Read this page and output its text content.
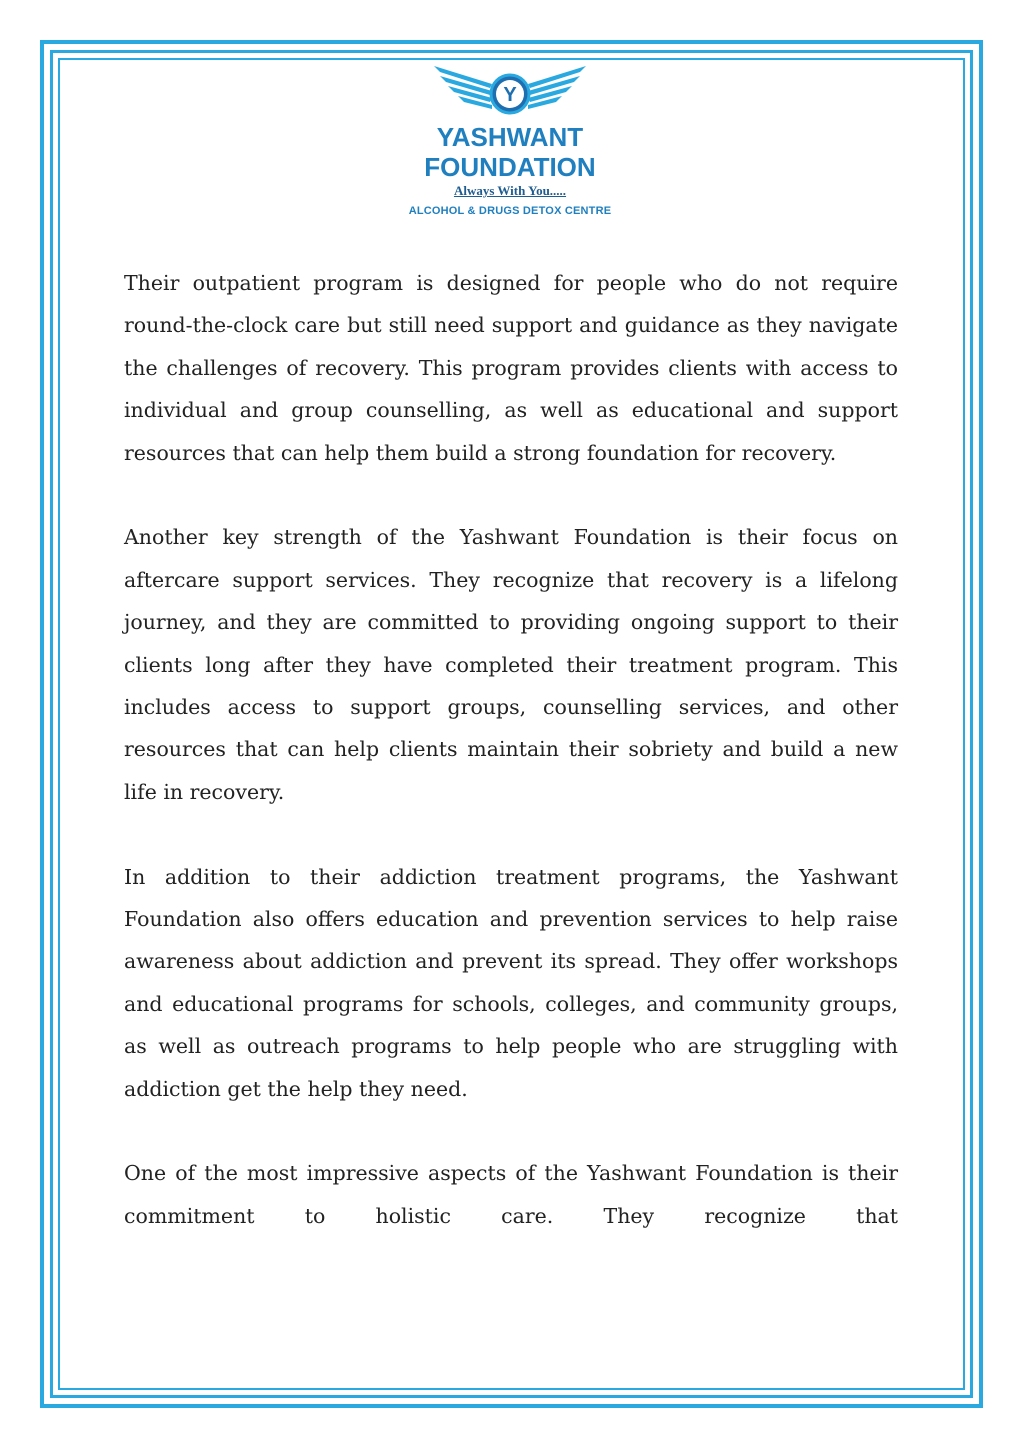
Y
YASHWANT FOUNDATION
Always With You.....
ALCOHOL & DRUGS DETOX CENTRE

Their outpatient program is designed for people who do not require round-the-clock care but still need support and guidance as they navigate the challenges of recovery. This program provides clients with access to individual and group counselling, as well as educational and support resources that can help them build a strong foundation for recovery.

Another key strength of the Yashwant Foundation is their focus on aftercare support services. They recognize that recovery is a lifelong journey, and they are committed to providing ongoing support to their clients long after they have completed their treatment program. This includes access to support groups, counselling services, and other resources that can help clients maintain their sobriety and build a new life in recovery.

In addition to their addiction treatment programs, the Yashwant Foundation also offers education and prevention services to help raise awareness about addiction and prevent its spread. They offer workshops and educational programs for schools, colleges, and community groups, as well as outreach programs to help people who are struggling with addiction get the help they need.

One of the most impressive aspects of the Yashwant Foundation is their commitment to holistic care. They recognize that
